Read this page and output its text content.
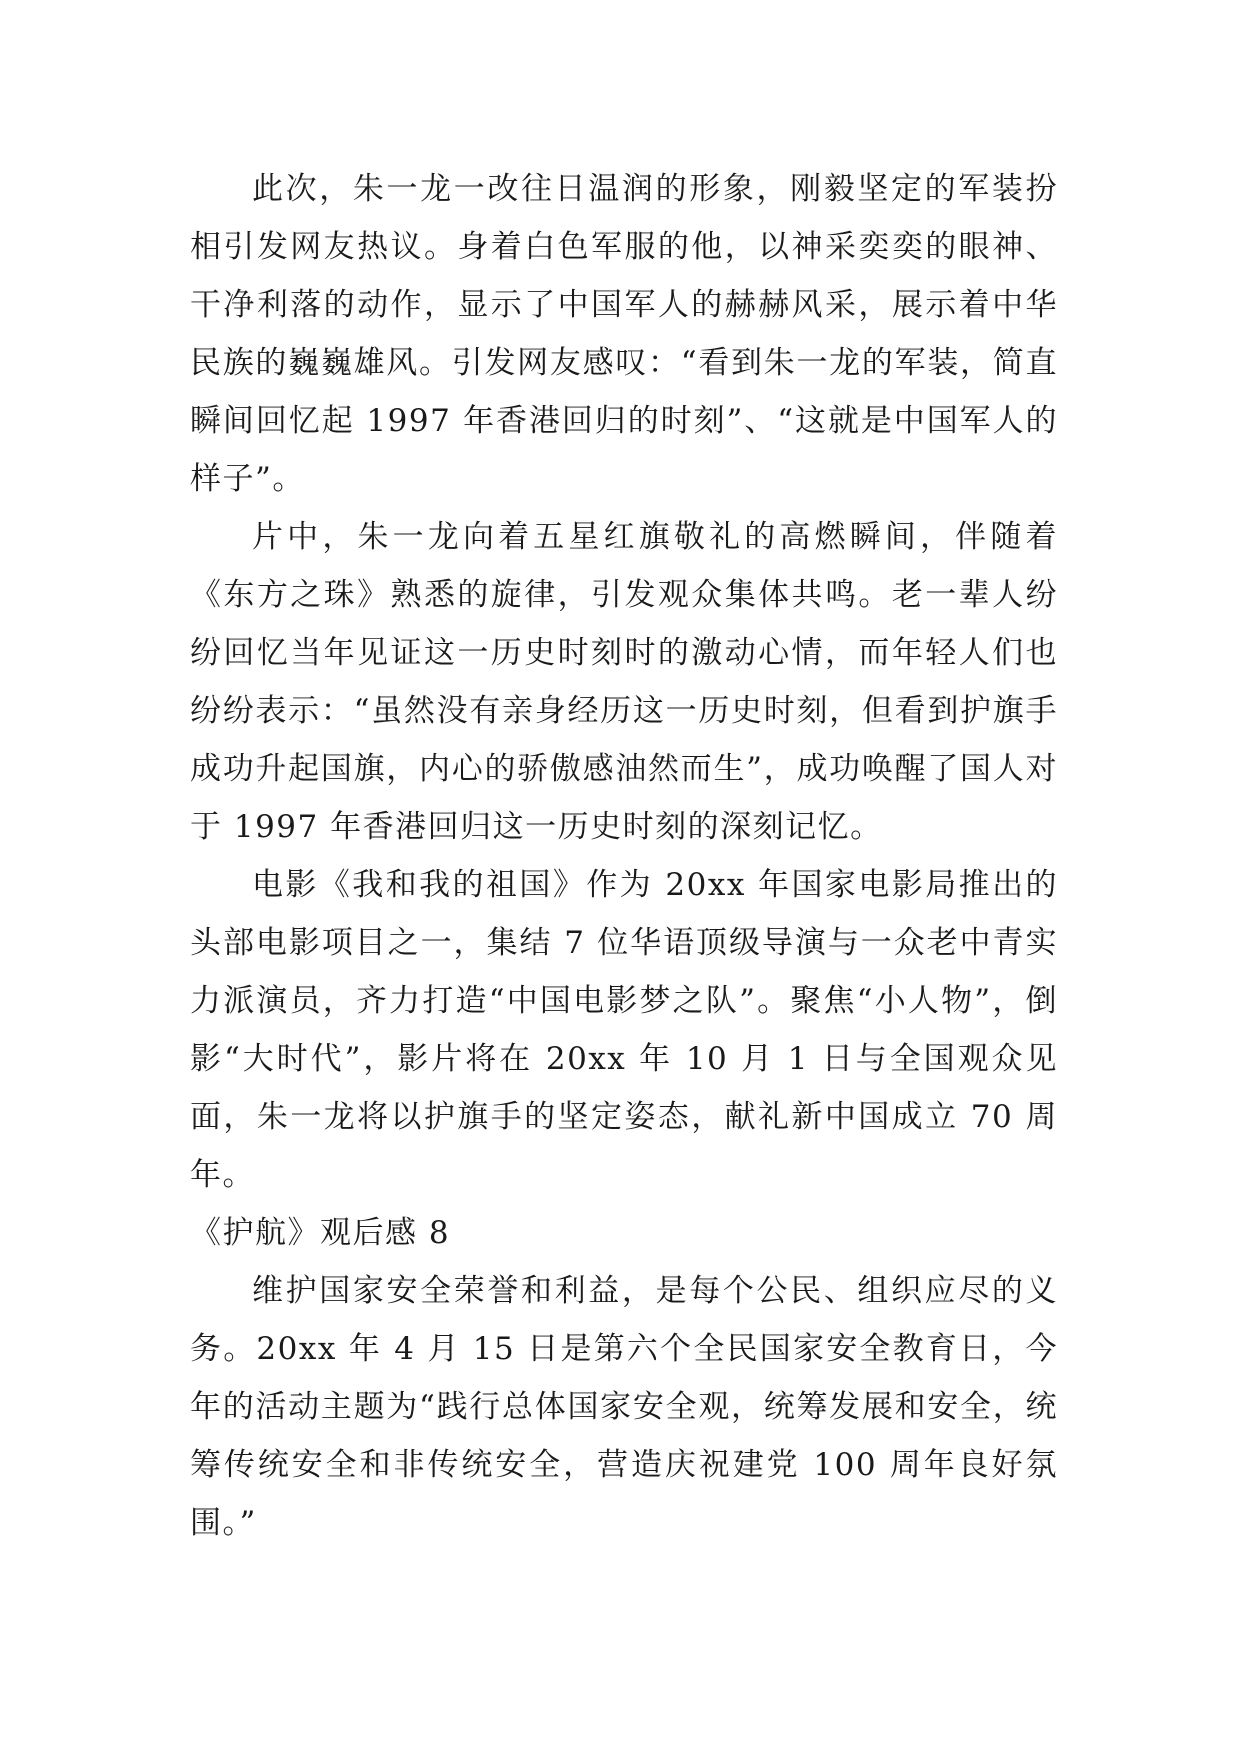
此次，朱一龙一改往日温润的形象，刚毅坚定的军装扮相引发网友热议。身着白色军服的他，以神采奕奕的眼神、干净利落的动作，显示了中国军人的赫赫风采，展示着中华民族的巍巍雄风。引发网友感叹：“看到朱一龙的军装，简直瞬间回忆起 1997 年香港回归的时刻”、“这就是中国军人的样子”。

片中，朱一龙向着五星红旗敬礼的高燃瞬间，伴随着《东方之珠》熟悉的旋律，引发观众集体共鸣。老一辈人纷纷回忆当年见证这一历史时刻时的激动心情，而年轻人们也纷纷表示：“虽然没有亲身经历这一历史时刻，但看到护旗手成功升起国旗，内心的骄傲感油然而生”，成功唤醒了国人对于 1997 年香港回归这一历史时刻的深刻记忆。

电影《我和我的祖国》作为 20xx 年国家电影局推出的头部电影项目之一，集结 7 位华语顶级导演与一众老中青实力派演员，齐力打造“中国电影梦之队”。聚焦“小人物”，倒影“大时代”，影片将在 20xx 年 10 月 1 日与全国观众见面，朱一龙将以护旗手的坚定姿态，献礼新中国成立 70 周年。

《护航》观后感 8

维护国家安全荣誉和利益，是每个公民、组织应尽的义务。20xx 年 4 月 15 日是第六个全民国家安全教育日，今年的活动主题为“践行总体国家安全观，统筹发展和安全，统筹传统安全和非传统安全，营造庆祝建党 100 周年良好氛围。”
